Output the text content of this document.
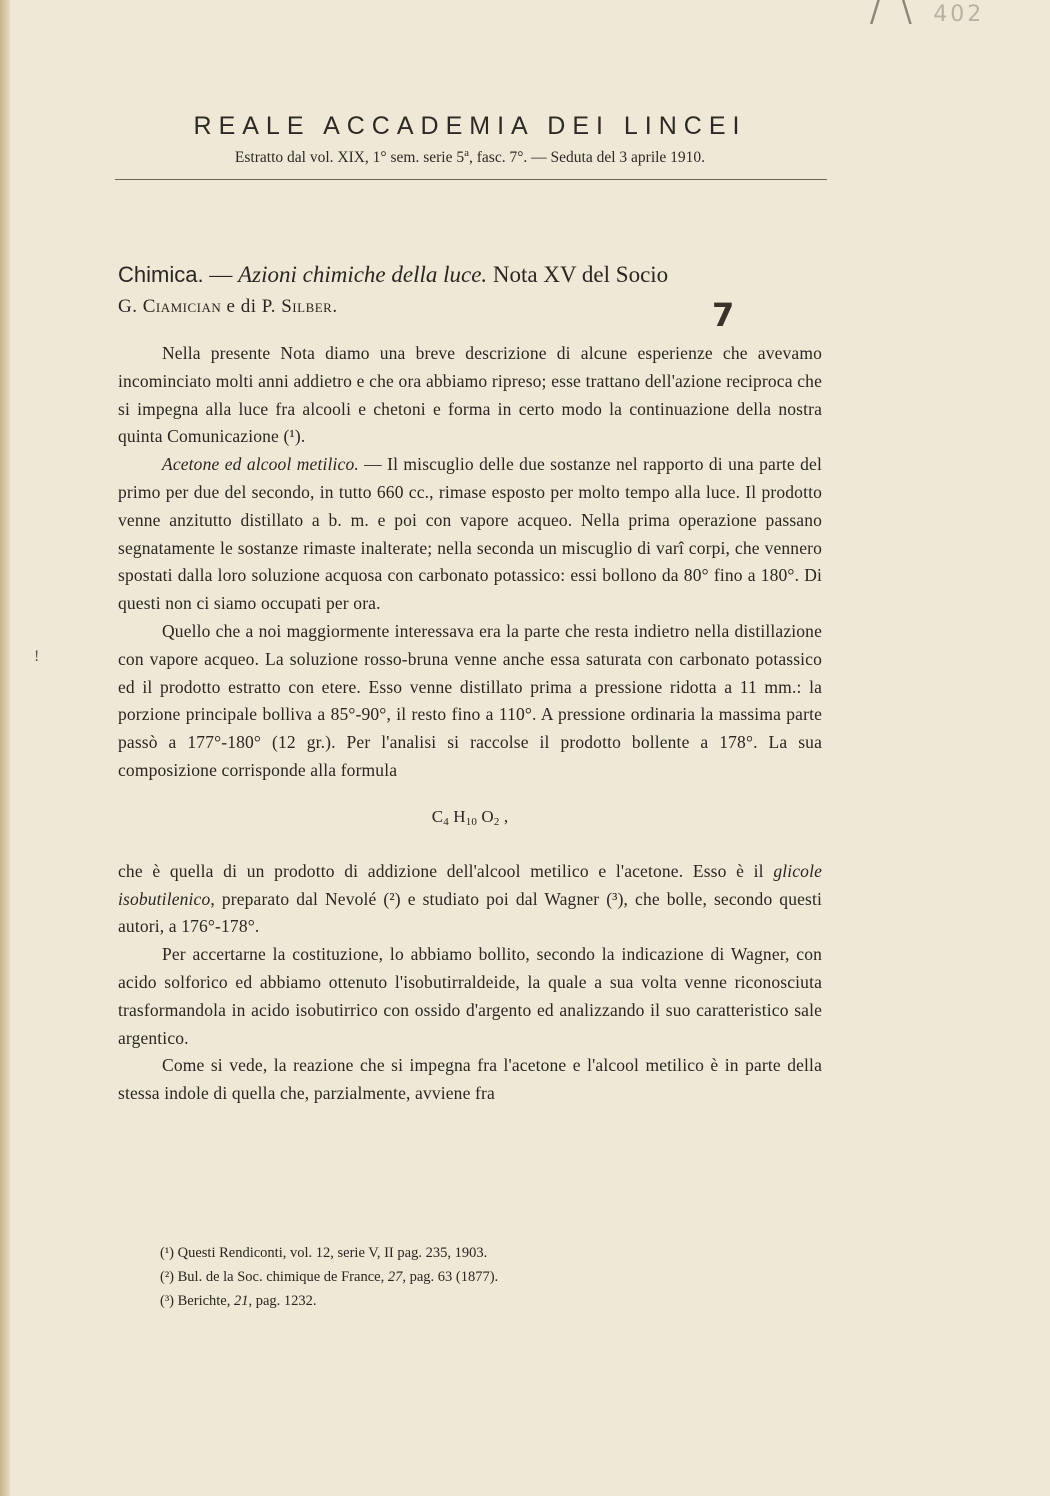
/ \ 402
REALE ACCADEMIA DEI LINCEI
Estratto dal vol. XIX, 1° sem. serie 5$^a$, fasc. 7°. — Seduta del 3 aprile 1910.
Chimica. — Azioni chimiche della luce. Nota XV del Socio
G. Ciamician e di P. Silber.	7
!

Nella presente Nota diamo una breve descrizione di alcune esperienze che avevamo incominciato molti anni addietro e che ora abbiamo ripreso; esse trattano dell'azione reciproca che si impegna alla luce fra alcooli e chetoni e forma in certo modo la continuazione della nostra quinta Comunicazione (¹).

Acetone ed alcool metilico. — Il miscuglio delle due sostanze nel rapporto di una parte del primo per due del secondo, in tutto 660 cc., rimase esposto per molto tempo alla luce. Il prodotto venne anzitutto distillato a b. m. e poi con vapore acqueo. Nella prima operazione passano segnatamente le sostanze rimaste inalterate; nella seconda un miscuglio di varî corpi, che vennero spostati dalla loro soluzione acquosa con carbonato potassico: essi bollono da 80° fino a 180°. Di questi non ci siamo occupati per ora.

Quello che a noi maggiormente interessava era la parte che resta indietro nella distillazione con vapore acqueo. La soluzione rosso-bruna venne anche essa saturata con carbonato potassico ed il prodotto estratto con etere. Esso venne distillato prima a pressione ridotta a 11 mm.: la porzione principale bolliva a 85°-90°, il resto fino a 110°. A pressione ordinaria la massima parte passò a 177°-180° (12 gr.). Per l'analisi si raccolse il prodotto bollente a 178°. La sua composizione corrisponde alla formula

$C_4$ $H_{10}$ $O_2$ ,

che è quella di un prodotto di addizione dell'alcool metilico e l'acetone. Esso è il glicole isobutilenico, preparato dal Nevolé (²) e studiato poi dal Wagner (³), che bolle, secondo questi autori, a 176°-178°.

Per accertarne la costituzione, lo abbiamo bollito, secondo la indicazione di Wagner, con acido solforico ed abbiamo ottenuto l'isobutirraldeide, la quale a sua volta venne riconosciuta trasformandola in acido isobutirrico con ossido d'argento ed analizzando il suo caratteristico sale argentico.

Come si vede, la reazione che si impegna fra l'acetone e l'alcool metilico è in parte della stessa indole di quella che, parzialmente, avviene fra

(¹) Questi Rendiconti, vol. 12, serie V, II pag. 235, 1903.
(²) Bul. de la Soc. chimique de France, 27, pag. 63 (1877).
(³) Berichte, 21, pag. 1232.
